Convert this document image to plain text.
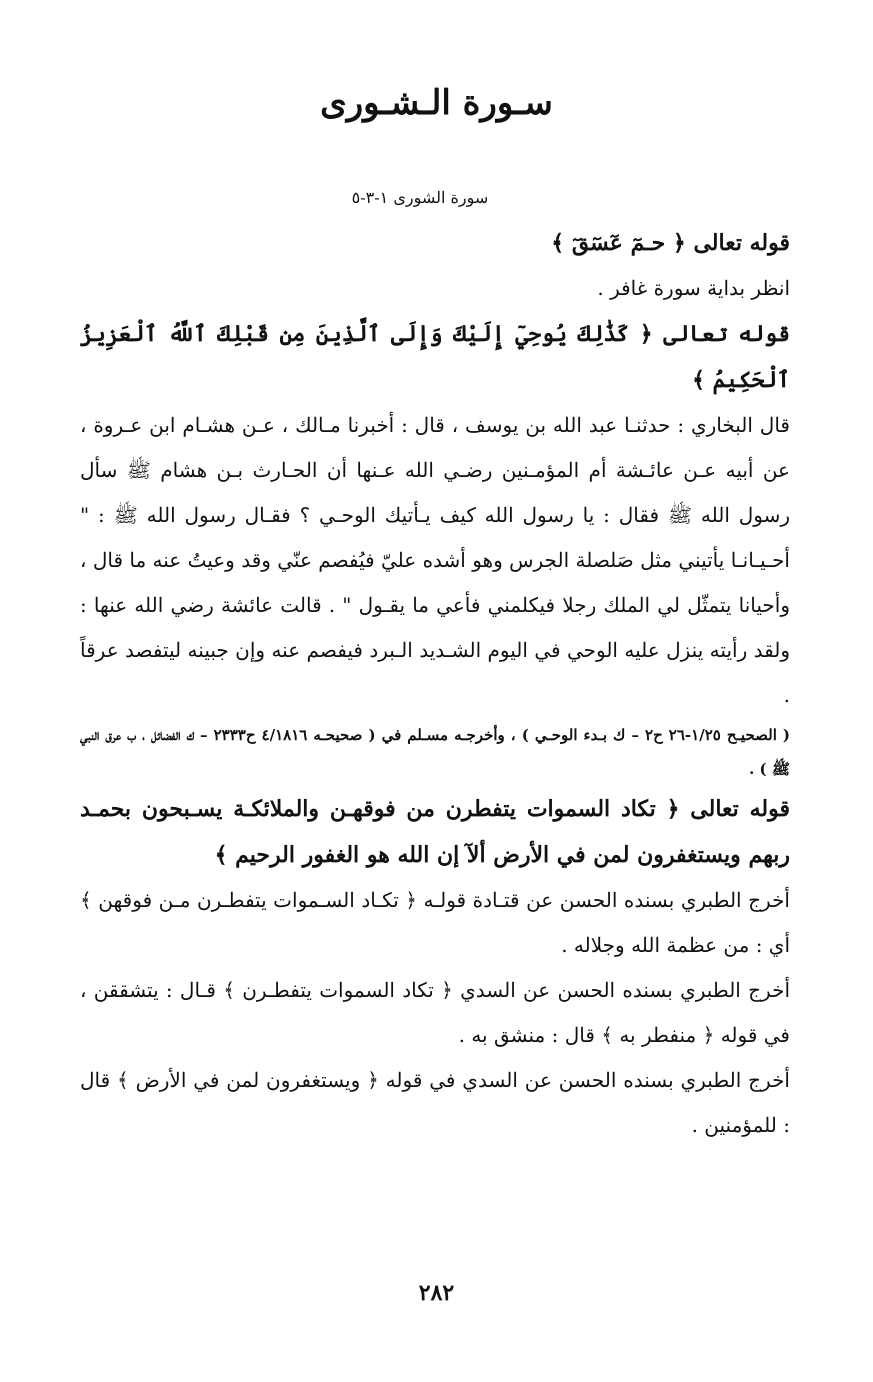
سـورة الـشـورى
سورة الشورى ١-٣-٥

قوله تعالى ﴿ حـمٓ عٓسٓقٓ ﴾

انظر بداية سورة غافر .

قوله تعالى ﴿ كَذَٰلِكَ يُوحِيٓ إِلَيْكَ وَإِلَى ٱلَّذِينَ مِن قَبْلِكَ ٱللَّهُ ٱلْعَزِيزُ ٱلْحَكِيمُ ﴾

قال البخاري : حدثنـا عبد الله بن يوسف ، قال : أخبرنا مـالك ، عـن هشـام ابن عـروة ، عن أبيه عـن عائـشة أم المؤمـنين رضـي الله عـنها أن الحـارث بـن هشام ﷺ سأل رسول الله ﷺ فقال : يا رسول الله كيف يـأتيك الوحـي ؟ فقـال رسول الله ﷺ : " أحـيـانـا يأتيني مثل صَلصلة الجرس وهو أشده عليّ فيُفصم عنّي وقد وعيتُ عنه ما قال ، وأحيانا يتمثّل لي الملك رجلا فيكلمني فأعي ما يقـول " . قالت عائشة رضي الله عنها : ولقد رأيته ينزل عليه الوحي في اليوم الشـديد الـبرد فيفصم عنه وإن جبينه ليتفصد عرقاً .

( الصحيـح ١/٢٥-٢٦ ح٢ – ك بـدء الوحـي ) ، وأخرجـه مسـلم في ( صحيحـه ٤/١٨١٦ ح٢٣٣٣ – ك الفضائل ، ب عرق النبي ﷺ ) .

قوله تعالى ﴿ تكاد السموات يتفطرن من فوقهـن والملائكـة يسـبحون بحمـد ربهم ويستغفرون لمن في الأرض ألآ إن الله هو الغفور الرحيم ﴾

أخرج الطبري بسنده الحسن عن قتـادة قولـه ﴿ تكـاد السـموات يتفطـرن مـن فوقهن ﴾ أي : من عظمة الله وجلاله .

أخرج الطبري بسنده الحسن عن السدي ﴿ تكاد السموات يتفطـرن ﴾ قـال : يتشققن ، في قوله ﴿ منفطر به ﴾ قال : منشق به .

أخرج الطبري بسنده الحسن عن السدي في قوله ﴿ ويستغفرون لمن في الأرض ﴾ قال : للمؤمنين .

٢٨٢
